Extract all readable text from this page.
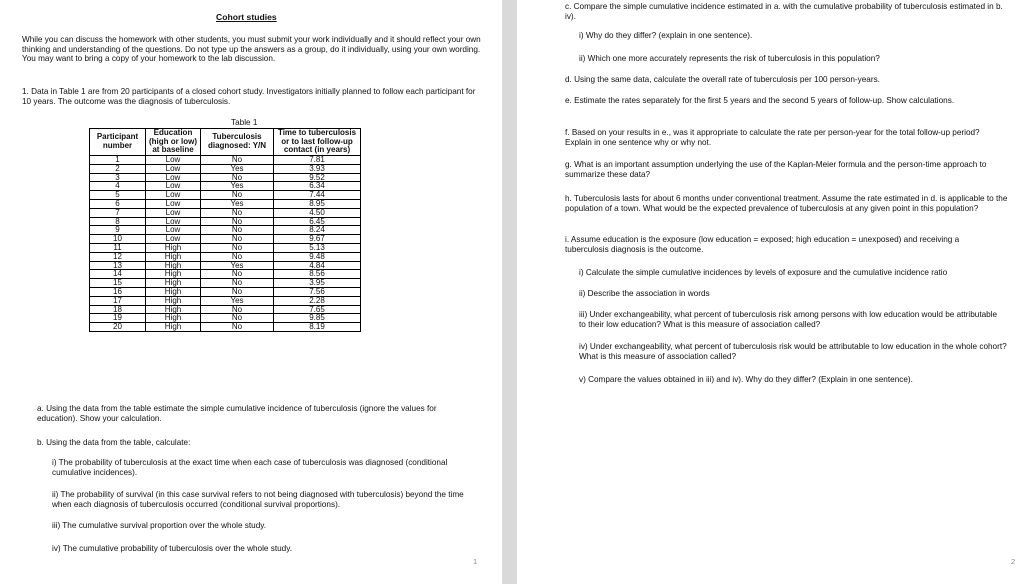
Cohort studies
While you can discuss the homework with other students, you must submit your work individually and it should reflect your own thinking and understanding of the questions. Do not type up the answers as a group, do it individually, using your own wording. You may want to bring a copy of your homework to the lab discussion.
1. Data in Table 1 are from 20 participants of a closed cohort study. Investigators initially planned to follow each participant for 10 years. The outcome was the diagnosis of tuberculosis.
Table 1
Participant number	Education (high or low) at baseline	Tuberculosis diagnosed: Y/N	Time to tuberculosis or to last follow-up contact (in years)
1	Low	No	7.81
2	Low	Yes	3.93
3	Low	No	9.52
4	Low	Yes	6.34
5	Low	No	7.44
6	Low	Yes	8.95
7	Low	No	4.50
8	Low	No	6.45
9	Low	No	8.24
10	Low	No	9.67
11	High	No	5.13
12	High	No	9.48
13	High	Yes	4.84
14	High	No	8.56
15	High	No	3.95
16	High	No	7.56
17	High	Yes	2.28
18	High	No	7.65
19	High	No	9.85
20	High	No	8.19
a. Using the data from the table estimate the simple cumulative incidence of tuberculosis (ignore the values for education). Show your calculation.
b. Using the data from the table, calculate:
i) The probability of tuberculosis at the exact time when each case of tuberculosis was diagnosed (conditional cumulative incidences).
ii) The probability of survival (in this case survival refers to not being diagnosed with tuberculosis) beyond the time when each diagnosis of tuberculosis occurred (conditional survival proportions).
iii) The cumulative survival proportion over the whole study.
iv) The cumulative probability of tuberculosis over the whole study.
1
c. Compare the simple cumulative incidence estimated in a. with the cumulative probability of tuberculosis estimated in b. iv).
i) Why do they differ? (explain in one sentence).
ii) Which one more accurately represents the risk of tuberculosis in this population?
d. Using the same data, calculate the overall rate of tuberculosis per 100 person-years.
e. Estimate the rates separately for the first 5 years and the second 5 years of follow-up. Show calculations.
f. Based on your results in e., was it appropriate to calculate the rate per person-year for the total follow-up period? Explain in one sentence why or why not.
g. What is an important assumption underlying the use of the Kaplan-Meier formula and the person-time approach to summarize these data?
h. Tuberculosis lasts for about 6 months under conventional treatment. Assume the rate estimated in d. is applicable to the population of a town. What would be the expected prevalence of tuberculosis at any given point in this population?
i. Assume education is the exposure (low education = exposed; high education = unexposed) and receiving a tuberculosis diagnosis is the outcome.
i) Calculate the simple cumulative incidences by levels of exposure and the cumulative incidence ratio
ii) Describe the association in words
iii) Under exchangeability, what percent of tuberculosis risk among persons with low education would be attributable to their low education? What is this measure of association called?
iv) Under exchangeability, what percent of tuberculosis risk would be attributable to low education in the whole cohort? What is this measure of association called?
v) Compare the values obtained in iii) and iv). Why do they differ? (Explain in one sentence).
2
